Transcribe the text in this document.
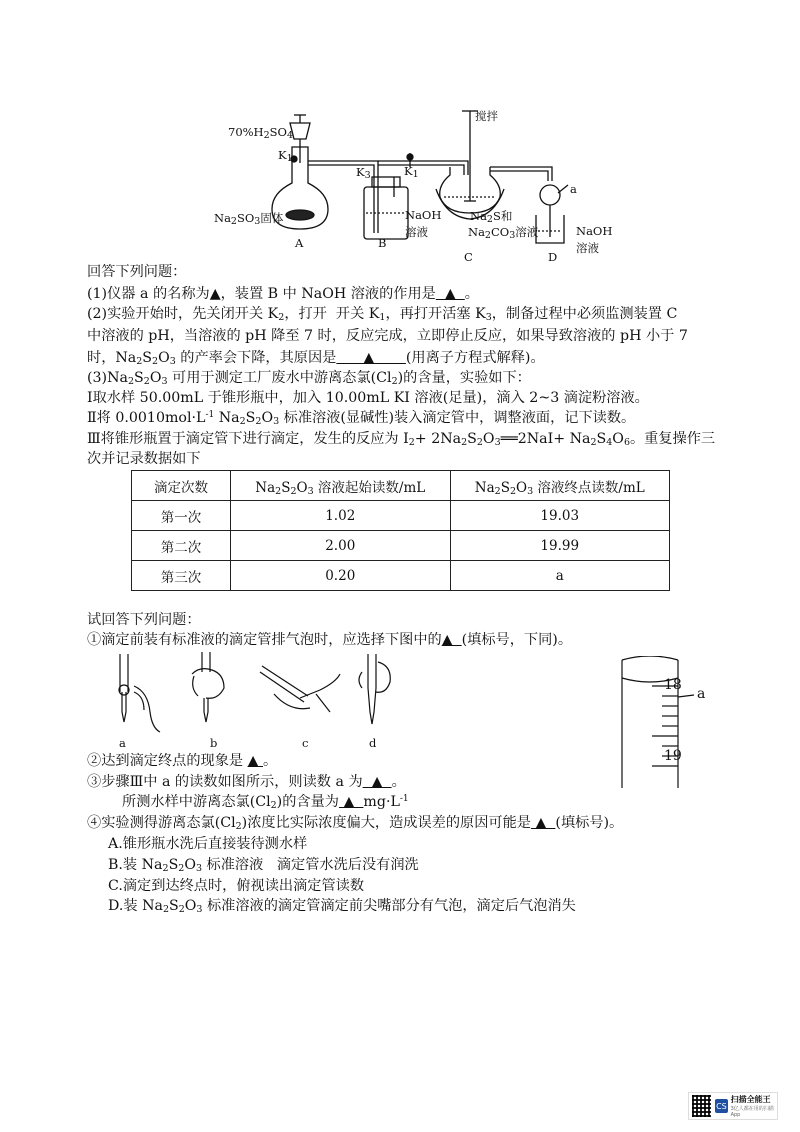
搅拌
$70\%H_2SO_4$
$K_1$
$K_3$	$K_1$
a
NaOH
溶液
$Na_2SO_3$固体	$Na_2S$和
$Na_2CO_3$溶液	NaOH
溶液
A	B
C	D
回答下列问题：
(1)仪器 a 的名称为▲，装置 B 中 NaOH 溶液的作用是  ▲  。
(2)实验开始时，先关闭开关 $K_2$，打开  开关 $K_1$，再打开活塞 $K_3$，制备过程中必须监测装置 C
中溶液的 pH，当溶液的 pH 降至 7 时，反应完成，立即停止反应，如果导致溶液的 pH 小于 7
时，$Na_2S_2O_3$ 的产率会下降，其原因是      ▲       (用离子方程式解释)。
$(3)Na_2S_2O_3$ 可用于测定工厂废水中游离态氯$(Cl_2)$的含量，实验如下：
Ⅰ取水样 50.00mL 于锥形瓶中，加入 10.00mL KI 溶液(足量)，滴入 2~3 滴淀粉溶液。
Ⅱ将 $0.0010mol\cdot L^{-1}$ $Na_2S_2O_3$ 标准溶液(显碱性)装入滴定管中，调整液面，记下读数。
Ⅲ将锥形瓶置于滴定管下进行滴定，发生的反应为 $I_2+$ $2Na_2S_2O_3══2NaI+ Na_2S_4O_6$。重复操作三
次并记录数据如下
滴定次数	$Na_2S_2O_3$ 溶液起始读数/mL	$Na_2S_2O_3$ 溶液终点读数/mL
第一次	1.02	19.03
第二次	2.00	19.99
第三次	0.20	a
试回答下列问题：
①滴定前装有标准液的滴定管排气泡时，应选择下图中的▲  (填标号，下同)。
a	b	c	d
18
19
a
②达到滴定终点的现象是 ▲ 。
③步骤Ⅲ中 a 的读数如图所示，则读数 a 为  ▲  。
所测水样中游离态氯$(Cl_2)$的含量为 ▲  $mg\cdot L^{-1}$
④实验测得游离态氯$(Cl_2)$浓度比实际浓度偏大，造成误差的原因可能是 ▲  (填标号)。
A.锥形瓶水洗后直接装待测水样
B.装 $Na_2S_2O_3$ 标准溶液   滴定管水洗后没有润洗
C.滴定到达终点时，俯视读出滴定管读数
D.装 $Na_2S_2O_3$ 标准溶液的滴定管滴定前尖嘴部分有气泡，滴定后气泡消失
CS
扫描全能王
3亿人都在用的扫描App
